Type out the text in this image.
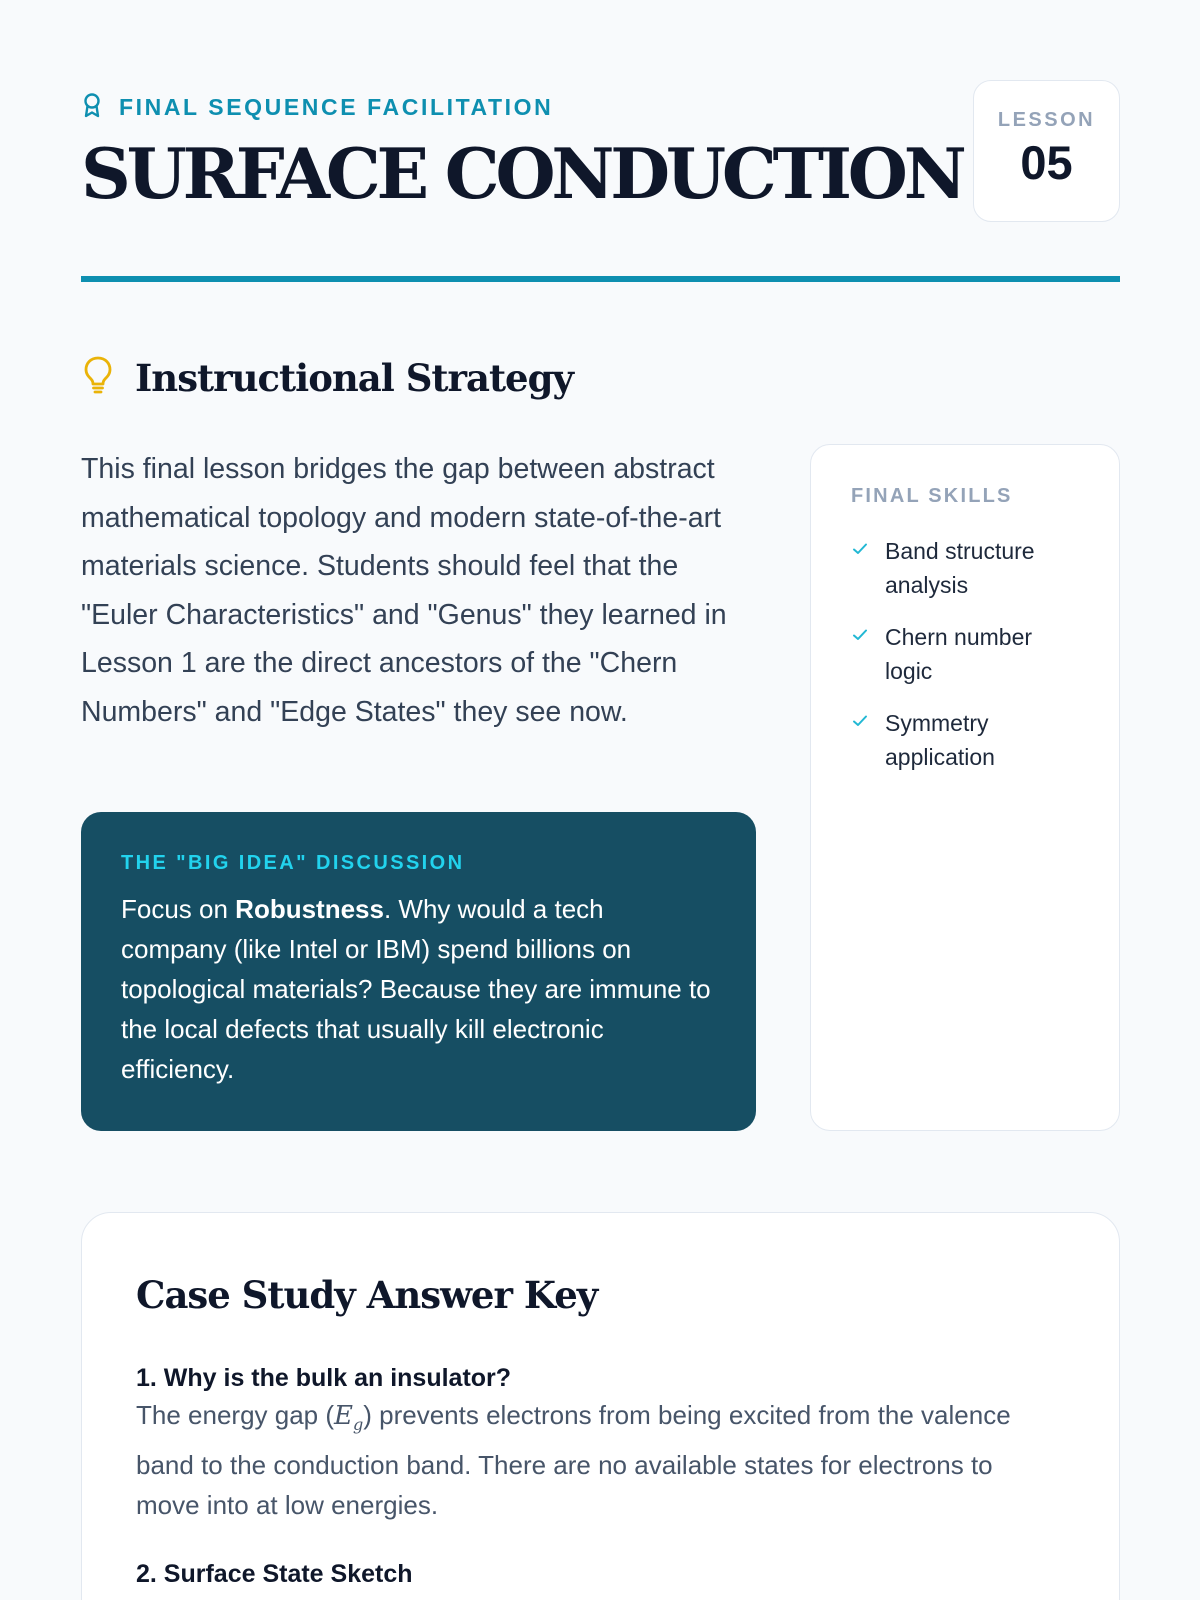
FINAL SEQUENCE FACILITATION
SURFACE CONDUCTION
LESSON
05
Instructional Strategy

This final lesson bridges the gap between abstract mathematical topology and modern state-of-the-art materials science. Students should feel that the "Euler Characteristics" and "Genus" they learned in Lesson 1 are the direct ancestors of the "Chern Numbers" and "Edge States" they see now.

THE "BIG IDEA" DISCUSSION

Focus on Robustness. Why would a tech company (like Intel or IBM) spend billions on topological materials? Because they are immune to the local defects that usually kill electronic efficiency.

FINAL SKILLS
Band structure analysis
Chern number logic
Symmetry application
Case Study Answer Key
1. Why is the bulk an insulator?

The energy gap $(E_g)$ prevents electrons from being excited from the valence band to the conduction band. There are no available states for electrons to move into at low energies.

2. Surface State Sketch
